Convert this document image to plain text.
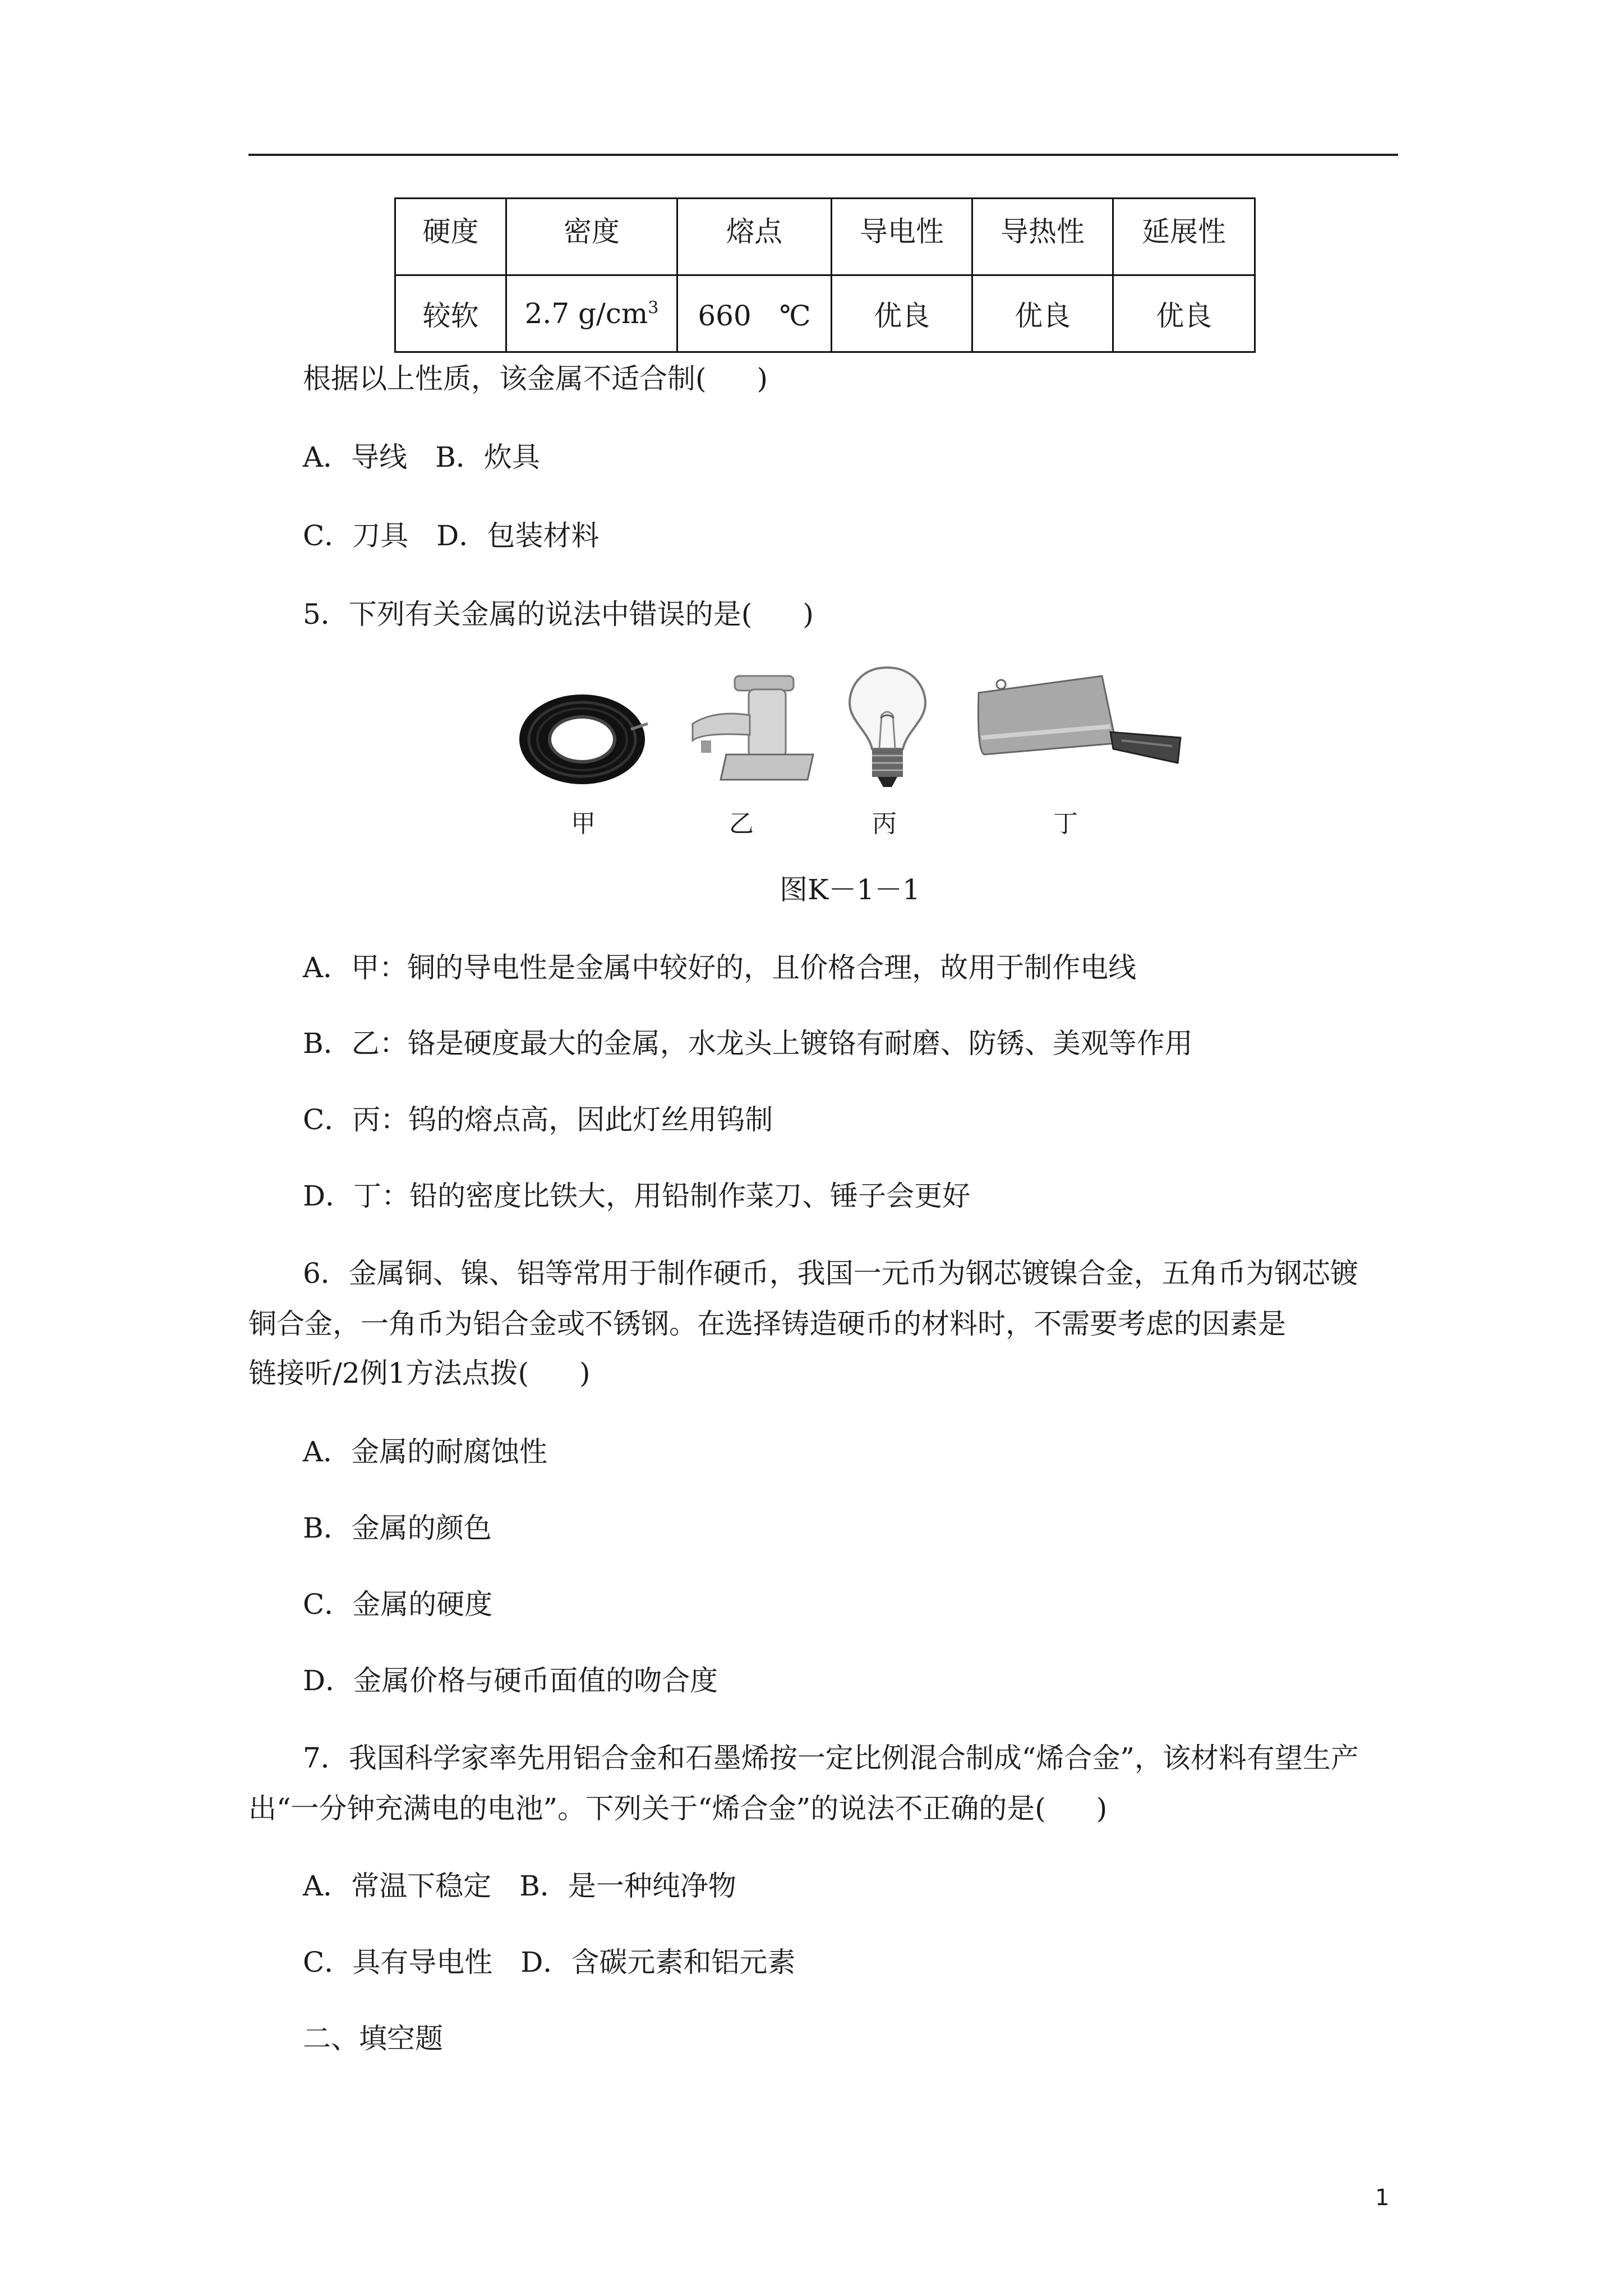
硬度	密度	熔点	导电性	导热性	延展性
较软	2.7 $g/cm^3$	660　℃	优良	优良	优良
根据以上性质，该金属不适合制( )
A．导线 B．炊具
C．刀具 D．包装材料
5．下列有关金属的说法中错误的是( )
甲	乙	丙	丁
图K－1－1
A．甲：铜的导电性是金属中较好的，且价格合理，故用于制作电线
B．乙：铬是硬度最大的金属，水龙头上镀铬有耐磨、防锈、美观等作用
C．丙：钨的熔点高，因此灯丝用钨制
D．丁：铅的密度比铁大，用铅制作菜刀、锤子会更好
6．金属铜、镍、铝等常用于制作硬币，我国一元币为钢芯镀镍合金，五角币为钢芯镀
铜合金，一角币为铝合金或不锈钢。在选择铸造硬币的材料时，不需要考虑的因素是
链接听/2例1方法点拨( )
A．金属的耐腐蚀性
B．金属的颜色
C．金属的硬度
D．金属价格与硬币面值的吻合度
7．我国科学家率先用铝合金和石墨烯按一定比例混合制成“烯合金”，该材料有望生产
出“一分钟充满电的电池”。下列关于“烯合金”的说法不正确的是( )
A．常温下稳定 B．是一种纯净物
C．具有导电性 D．含碳元素和铝元素
二、填空题
1
